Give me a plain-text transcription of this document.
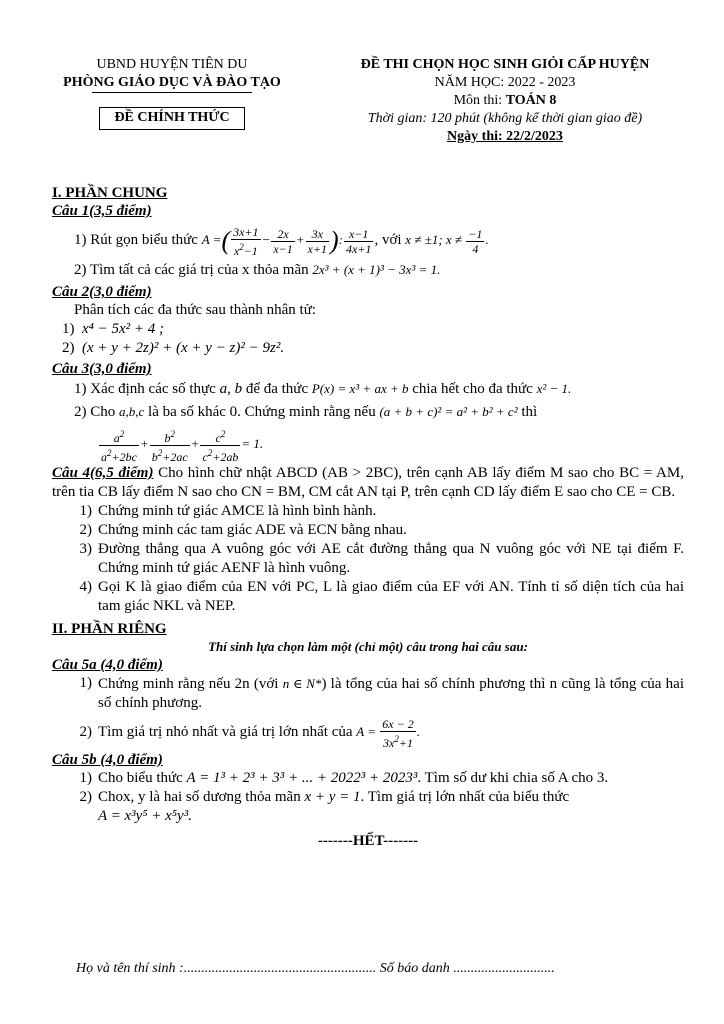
UBND HUYỆN TIÊN DU
PHÒNG GIÁO DỤC VÀ ĐÀO TẠO
ĐỀ CHÍNH THỨC
ĐỀ THI CHỌN HỌC SINH GIỎI CẤP HUYỆN
NĂM HỌC: 2022 - 2023
Môn thi: TOÁN 8
Thời gian: 120 phút (không kể thời gian giao đề)
Ngày thi: 22/2/2023
I. PHẦN CHUNG
Câu 1(3,5 điểm)
1) Rút gọn biểu thức A =( $\frac{3x+1}{x^2-1} - \frac{2x}{x-1} + \frac{3x}{x+1}$ ): $\frac{x-1}{4x+1}$ , với x ≠ ±1; $x \ne \frac{-1}{4}$ .
2) Tìm tất cả các giá trị của x thỏa mãn 2x³ + (x + 1)³ − 3x³ = 1.
Câu 2(3,0 điểm)
Phân tích các đa thức sau thành nhân tử:
1) x⁴ − 5x² + 4 ;
2) (x + y + 2z)² + (x + y − z)² − 9z².
Câu 3(3,0 điểm)
1) Xác định các số thực a, b để đa thức P(x) = x³ + ax + b chia hết cho đa thức x² − 1.
2) Cho a,b,c là ba số khác 0. Chứng minh rằng nếu (a + b + c)² = a² + b² + c² thì
$\frac{a^2}{a^2+2bc} + \frac{b^2}{b^2+2ac} + \frac{c^2}{c^2+2ab} = 1$.
Câu 4(6,5 điểm) Cho hình chữ nhật ABCD (AB > 2BC), trên cạnh AB lấy điểm M sao cho BC = AM, trên tia CB lấy điểm N sao cho CN = BM, CM cắt AN tại P, trên cạnh CD lấy điểm E sao cho CE = CB.
1) Chứng minh tứ giác AMCE là hình bình hành.
2) Chứng minh các tam giác ADE và ECN bằng nhau.
3) Đường thẳng qua A vuông góc với AE cắt đường thẳng qua N vuông góc với NE tại điểm F. Chứng minh tứ giác AENF là hình vuông.
4) Gọi K là giao điểm của EN với PC, L là giao điểm của EF với AN. Tính tỉ số diện tích của hai tam giác NKL và NEP.
II. PHẦN RIÊNG
Thí sinh lựa chọn làm một (chỉ một) câu trong hai câu sau:
Câu 5a (4,0 điểm)
1) Chứng minh rằng nếu 2n (với n ∈ N*) là tổng của hai số chính phương thì n cũng là tổng của hai số chính phương.
2) Tìm giá trị nhỏ nhất và giá trị lớn nhất của $A = \frac{6x - 2}{3x^2+1}$ .
Câu 5b (4,0 điểm)
1) Cho biểu thức A = 1³ + 2³ + 3³ + ... + 2022³ + 2023³. Tìm số dư khi chia số A cho 3.
2) Chox, y là hai số dương thỏa mãn x + y = 1. Tìm giá trị lớn nhất của biểu thức
A = x³y⁵ + x⁵y³.
-------HẾT-------
Họ và tên thí sinh :....................................................... Số báo danh .............................
